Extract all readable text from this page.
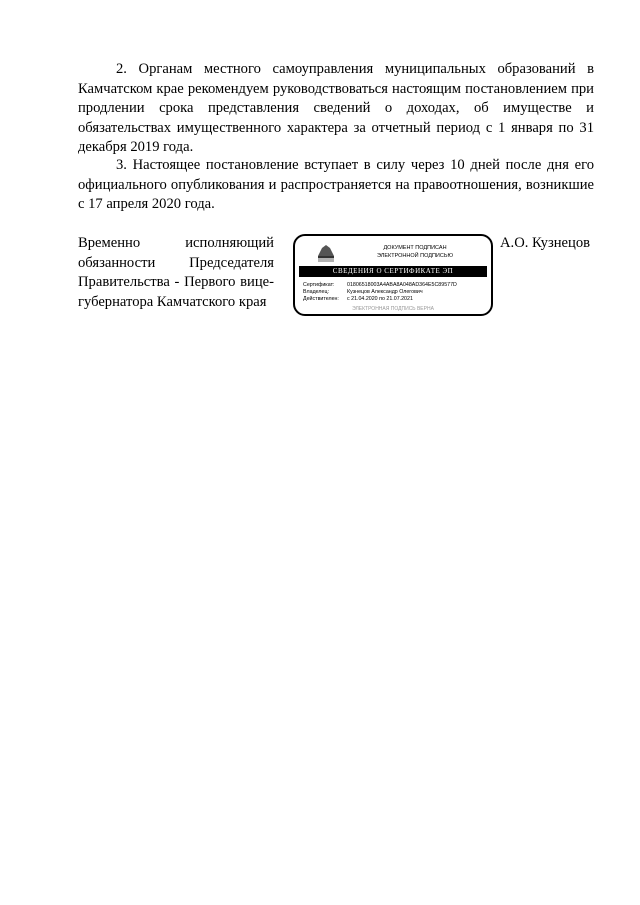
2. Органам местного самоуправления муниципальных образований в Камчатском крае рекомендуем руководствоваться настоящим постановлением при продлении срока представления сведений о доходах, об имуществе и обязательствах имущественного характера за отчетный период с 1 января по 31 декабря 2019 года.

3. Настоящее постановление вступает в силу через 10 дней после дня его официального опубликования и распространяется на правоотношения, возникшие с 17 апреля 2020 года.

Временно исполняющий
обязанности Председателя
Правительства - Первого вице-
губернатора Камчатского края
ДОКУМЕНТ ПОДПИСАН
ЭЛЕКТРОННОЙ ПОДПИСЬЮ
СВЕДЕНИЯ О СЕРТИФИКАТЕ ЭП
Сертификат: 01806518003A4ABA8A048AD364E5C89577D
Владелец:	Кузнецов Александр Олегович
Действителен: с 21.04.2020 по 21.07.2021
ЭЛЕКТРОННАЯ ПОДПИСЬ ВЕРНА
А.О. Кузнецов
